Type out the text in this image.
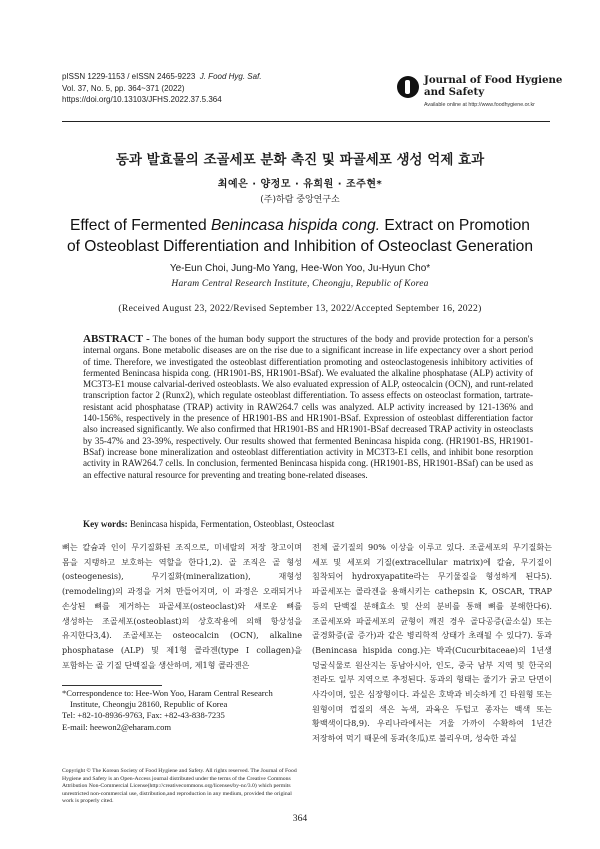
pISSN 1229-1153 / eISSN 2465-9223 J. Food Hyg. Saf.
Vol. 37, No. 5, pp. 364~371 (2022)
https://doi.org/10.13103/JFHS.2022.37.5.364
Journal of Food Hygiene
and Safety
Available online at http://www.foodhygiene.or.kr
동과 발효물의 조골세포 분화 촉진 및 파골세포 생성 억제 효과
최예은 · 양정모 · 유희원 · 조주현*
(주)하람 중앙연구소
Effect of Fermented Benincasa hispida cong. Extract on Promotion
of Osteoblast Differentiation and Inhibition of Osteoclast Generation
Ye-Eun Choi, Jung-Mo Yang, Hee-Won Yoo, Ju-Hyun Cho*
Haram Central Research Institute, Cheongju, Republic of Korea
(Received August 23, 2022/Revised September 13, 2022/Accepted September 16, 2022)
ABSTRACT - The bones of the human body support the structures of the body and provide protection for a person's internal organs. Bone metabolic diseases are on the rise due to a significant increase in life expectancy over a short period of time. Therefore, we investigated the osteoblast differentiation promoting and osteoclastogenesis inhibitory activities of fermented Benincasa hispida cong. (HR1901-BS, HR1901-BSaf). We evaluated the alkaline phosphatase (ALP) activity of MC3T3-E1 mouse calvarial-derived osteoblasts. We also evaluated expression of ALP, osteocalcin (OCN), and runt-related transcription factor 2 (Runx2), which regulate osteoblast differentiation. To assess effects on osteoclast formation, tartrate-resistant acid phosphatase (TRAP) activity in RAW264.7 cells was analyzed. ALP activity increased by 121-136% and 140-156%, respectively in the presence of HR1901-BS and HR1901-BSaf. Expression of osteoblast differentiation factor also increased significantly. We also confirmed that HR1901-BS and HR1901-BSaf decreased TRAP activity in osteoclasts by 35-47% and 23-39%, respectively. Our results showed that fermented Benincasa hispida cong. (HR1901-BS, HR1901-BSaf) increase bone mineralization and osteoblast differentiation activity in MC3T3-E1 cells, and inhibit bone resorption activity in RAW264.7 cells. In conclusion, fermented Benincasa hispida cong. (HR1901-BS, HR1901-BSaf) can be used as an effective natural resource for preventing and treating bone-related diseases.
Key words: Benincasa hispida, Fermentation, Osteoblast, Osteoclast
뼈는 칼슘과 인이 무기질화된 조직으로, 미네랄의 저장 창고이며 몸을 지탱하고 보호하는 역할을 한다1,2). 골 조직은 골 형성(osteogenesis), 무기질화(mineralization), 재형성(remodeling)의 과정을 거쳐 만들어지며, 이 과정은 오래되거나 손상된 뼈를 제거하는 파골세포(osteoclast)와 새로운 뼈를 생성하는 조골세포(osteoblast)의 상호작용에 의해 항상성을 유지한다3,4). 조골세포는 osteocalcin (OCN), alkaline phosphatase (ALP) 및 제1형 콜라겐(type I collagen)을 포함하는 골 기질 단백질을 생산하며, 제1형 콜라겐은
전체 골기질의 90% 이상을 이루고 있다. 조골세포의 무기질화는 세포 및 세포외 기질(extracellular matrix)에 칼슘, 무기질이 침착되어 hydroxyapatite라는 무기물질을 형성하게 된다5). 파골세포는 콜라겐을 용해시키는 cathepsin K, OSCAR, TRAP 등의 단백질 분해효소 및 산의 분비를 통해 뼈를 분해한다6). 조골세포와 파골세포의 균형이 깨진 경우 골다공증(골소실) 또는 골경화증(골 증가)과 같은 병리학적 상태가 초래될 수 있다7). 동과(Benincasa hispida cong.)는 박과(Cucurbitaceae)의 1년생 덩굴식물로 원산지는 동남아시아, 인도, 중국 남부 지역 및 한국의 전라도 일부 지역으로 추정된다. 동과의 형태는 줄기가 굵고 단면이 사각이며, 잎은 심장형이다. 과실은 호박과 비슷하게 긴 타원형 또는 원형이며 껍질의 색은 녹색, 과육은 두텁고 종자는 백색 또는 황백색이다8,9). 우리나라에서는 겨울 가까이 수확하여 1년간 저장하여 먹기 때문에 동과(冬瓜)로 불리우며, 성숙한 과실
*Correspondence to: Hee-Won Yoo, Haram Central Research
Institute, Cheongju 28160, Republic of Korea
Tel: +82-10-8936-9763, Fax: +82-43-838-7235
E-mail: heewon2@eharam.com
Copyright © The Korean Society of Food Hygiene and Safety. All rights reserved. The Journal of Food Hygiene and Safety is an Open-Access journal distributed under the terms of the Creative Commons Attribution Non-Commercial License(http://creativecommons.org/licenses/by-nc/3.0) which permits unrestricted non-commercial use, distribution,and reproduction in any medium, provided the original work is properly cited.
364
